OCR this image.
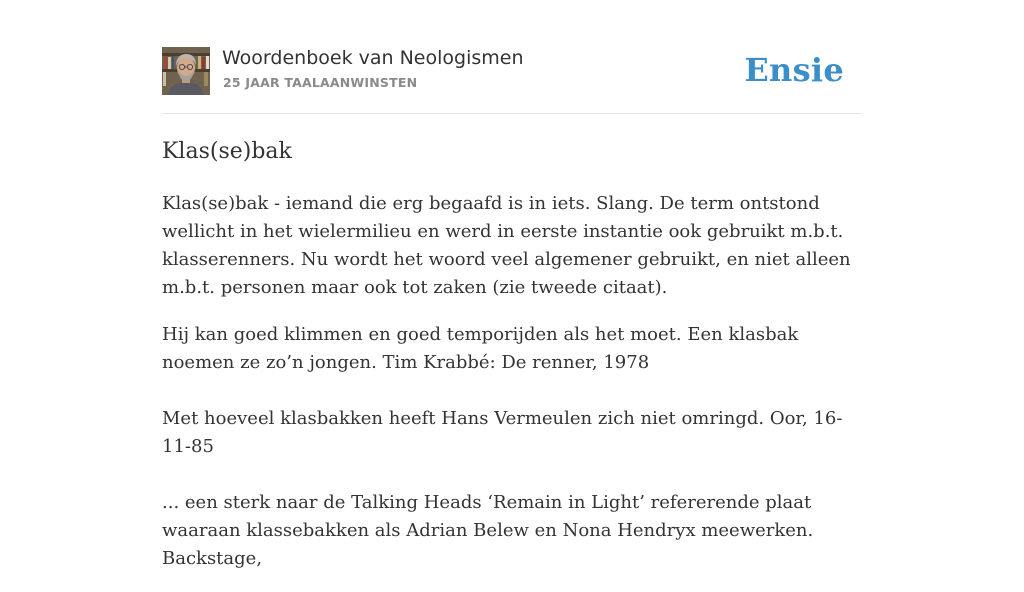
Woordenboek van Neologismen
25 JAAR TAALAANWINSTEN	Ensie
Klas(se)bak

Klas(se)bak - iemand die erg begaafd is in iets. Slang. De term ontstond wellicht in het wielermilieu en werd in eerste instantie ook gebruikt m.b.t. klasserenners. Nu wordt het woord veel algemener gebruikt, en niet alleen m.b.t. personen maar ook tot zaken (zie tweede citaat).

Hij kan goed klimmen en goed temporijden als het moet. Een klasbak noemen ze zo’n jongen. Tim Krabbé: De renner, 1978

Met hoeveel klasbakken heeft Hans Vermeulen zich niet omringd. Oor, 16-11-85

... een sterk naar de Talking Heads ‘Remain in Light’ refererende plaat waaraan klassebakken als Adrian Belew en Nona Hendryx meewerken. Backstage,
